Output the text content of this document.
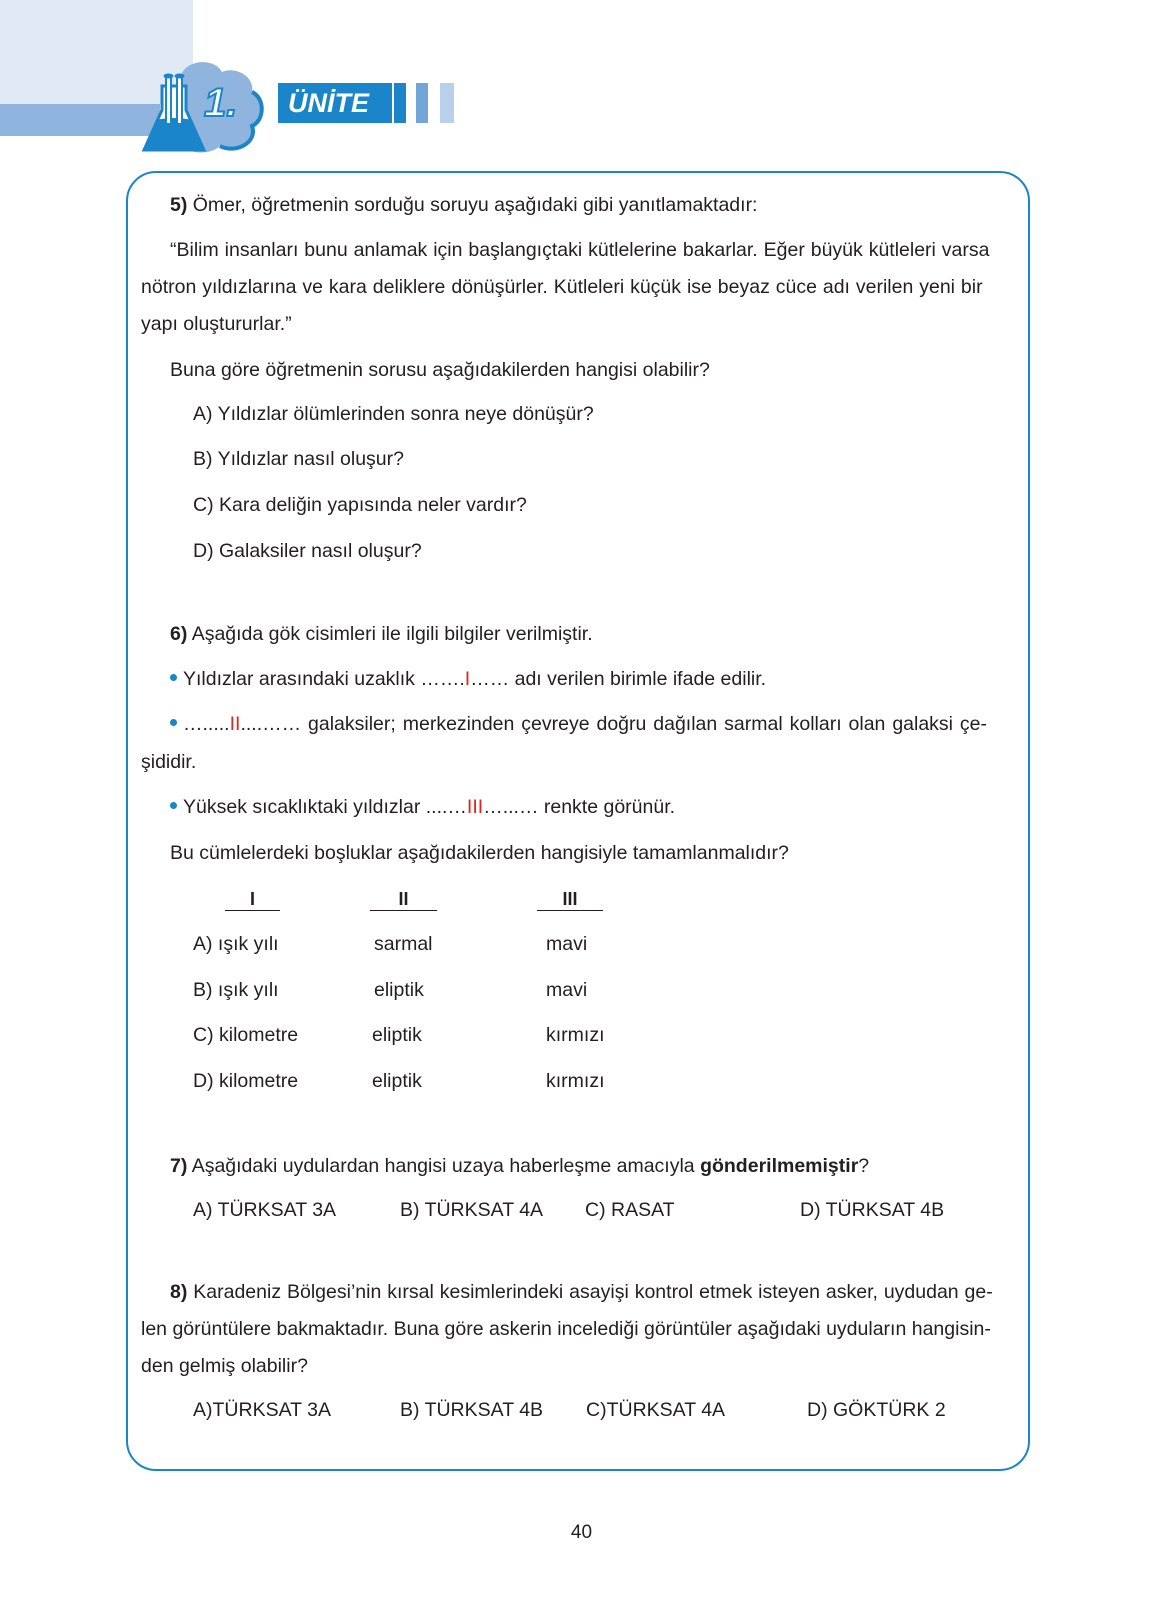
1.	ÜNİTE
5) Ömer, öğretmenin sorduğu soruyu aşağıdaki gibi yanıtlamaktadır:
“Bilim insanları bunu anlamak için başlangıçtaki kütlelerine bakarlar. Eğer büyük kütleleri varsa
nötron yıldızlarına ve kara deliklere dönüşürler. Kütleleri küçük ise beyaz cüce adı verilen yeni bir
yapı oluştururlar.”
Buna göre öğretmenin sorusu aşağıdakilerden hangisi olabilir?
A) Yıldızlar ölümlerinden sonra neye dönüşür?
B) Yıldızlar nasıl oluşur?
C) Kara deliğin yapısında neler vardır?
D) Galaksiler nasıl oluşur?
6) Aşağıda gök cisimleri ile ilgili bilgiler verilmiştir.
Yıldızlar arasındaki uzaklık …….I…… adı verilen birimle ifade edilir.
….....II....…… galaksiler; merkezinden çevreye doğru dağılan sarmal kolları olan galaksi çe-
şididir.
Yüksek sıcaklıktaki yıldızlar ....…III…...… renkte görünür.
Bu cümlelerdeki boşluklar aşağıdakilerden hangisiyle tamamlanmalıdır?
I	II	III
A) ışık yılı	sarmal	mavi
B) ışık yılı	eliptik	mavi
C) kilometre	eliptik	kırmızı
D) kilometre	eliptik	kırmızı
7) Aşağıdaki uydulardan hangisi uzaya haberleşme amacıyla gönderilmemiştir?
A) TÜRKSAT 3A	B) TÜRKSAT 4A C) RASAT	D) TÜRKSAT 4B
8) Karadeniz Bölgesi’nin kırsal kesimlerindeki asayişi kontrol etmek isteyen asker, uydudan ge-
len görüntülere bakmaktadır. Buna göre askerin incelediği görüntüler aşağıdaki uyduların hangisin-
den gelmiş olabilir?
A)TÜRKSAT 3A	B) TÜRKSAT 4B C)TÜRKSAT 4A	D) GÖKTÜRK 2
40
